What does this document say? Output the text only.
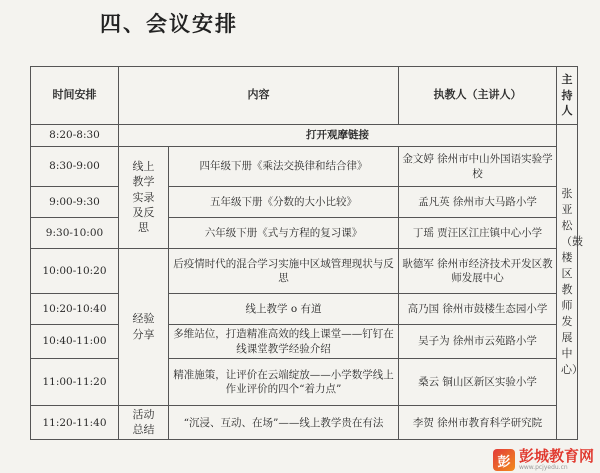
四、会议安排
时间安排	内容		执教人（主讲人）	主持人
8:20-8:30	打开观摩链接			张亚松（鼓楼区教师发展中心）
8:30-9:00	线上教学实录及反思	四年级下册《乘法交换律和结合律》	金文婷 徐州市中山外国语实验学校	
9:00-9:30		五年级下册《分数的大小比较》	孟凡英 徐州市大马路小学	
9:30-10:00		六年级下册《式与方程的复习课》	丁瑶 贾汪区江庄镇中心小学	
10:00-10:20	经验分享	后疫情时代的混合学习实施中区域管理现状与反思	耿德军 徐州市经济技术开发区教师发展中心	
10:20-10:40		线上教学 o 有道	高乃国 徐州市鼓楼生态园小学	
10:40-11:00		多维站位，打造精准高效的线上课堂——钉钉在线课堂教学经验介绍	吴子为 徐州市云苑路小学	
11:00-11:20		精准施策，让评价在云端绽放——小学数学线上作业评价的四个“着力点”	桑云 铜山区新区实验小学	
11:20-11:40	活动总结	“沉浸、互动、在场”——线上教学贵在有法	李贺 徐州市教育科学研究院	
彭 彭城教育网
www.pcjyedu.cn
